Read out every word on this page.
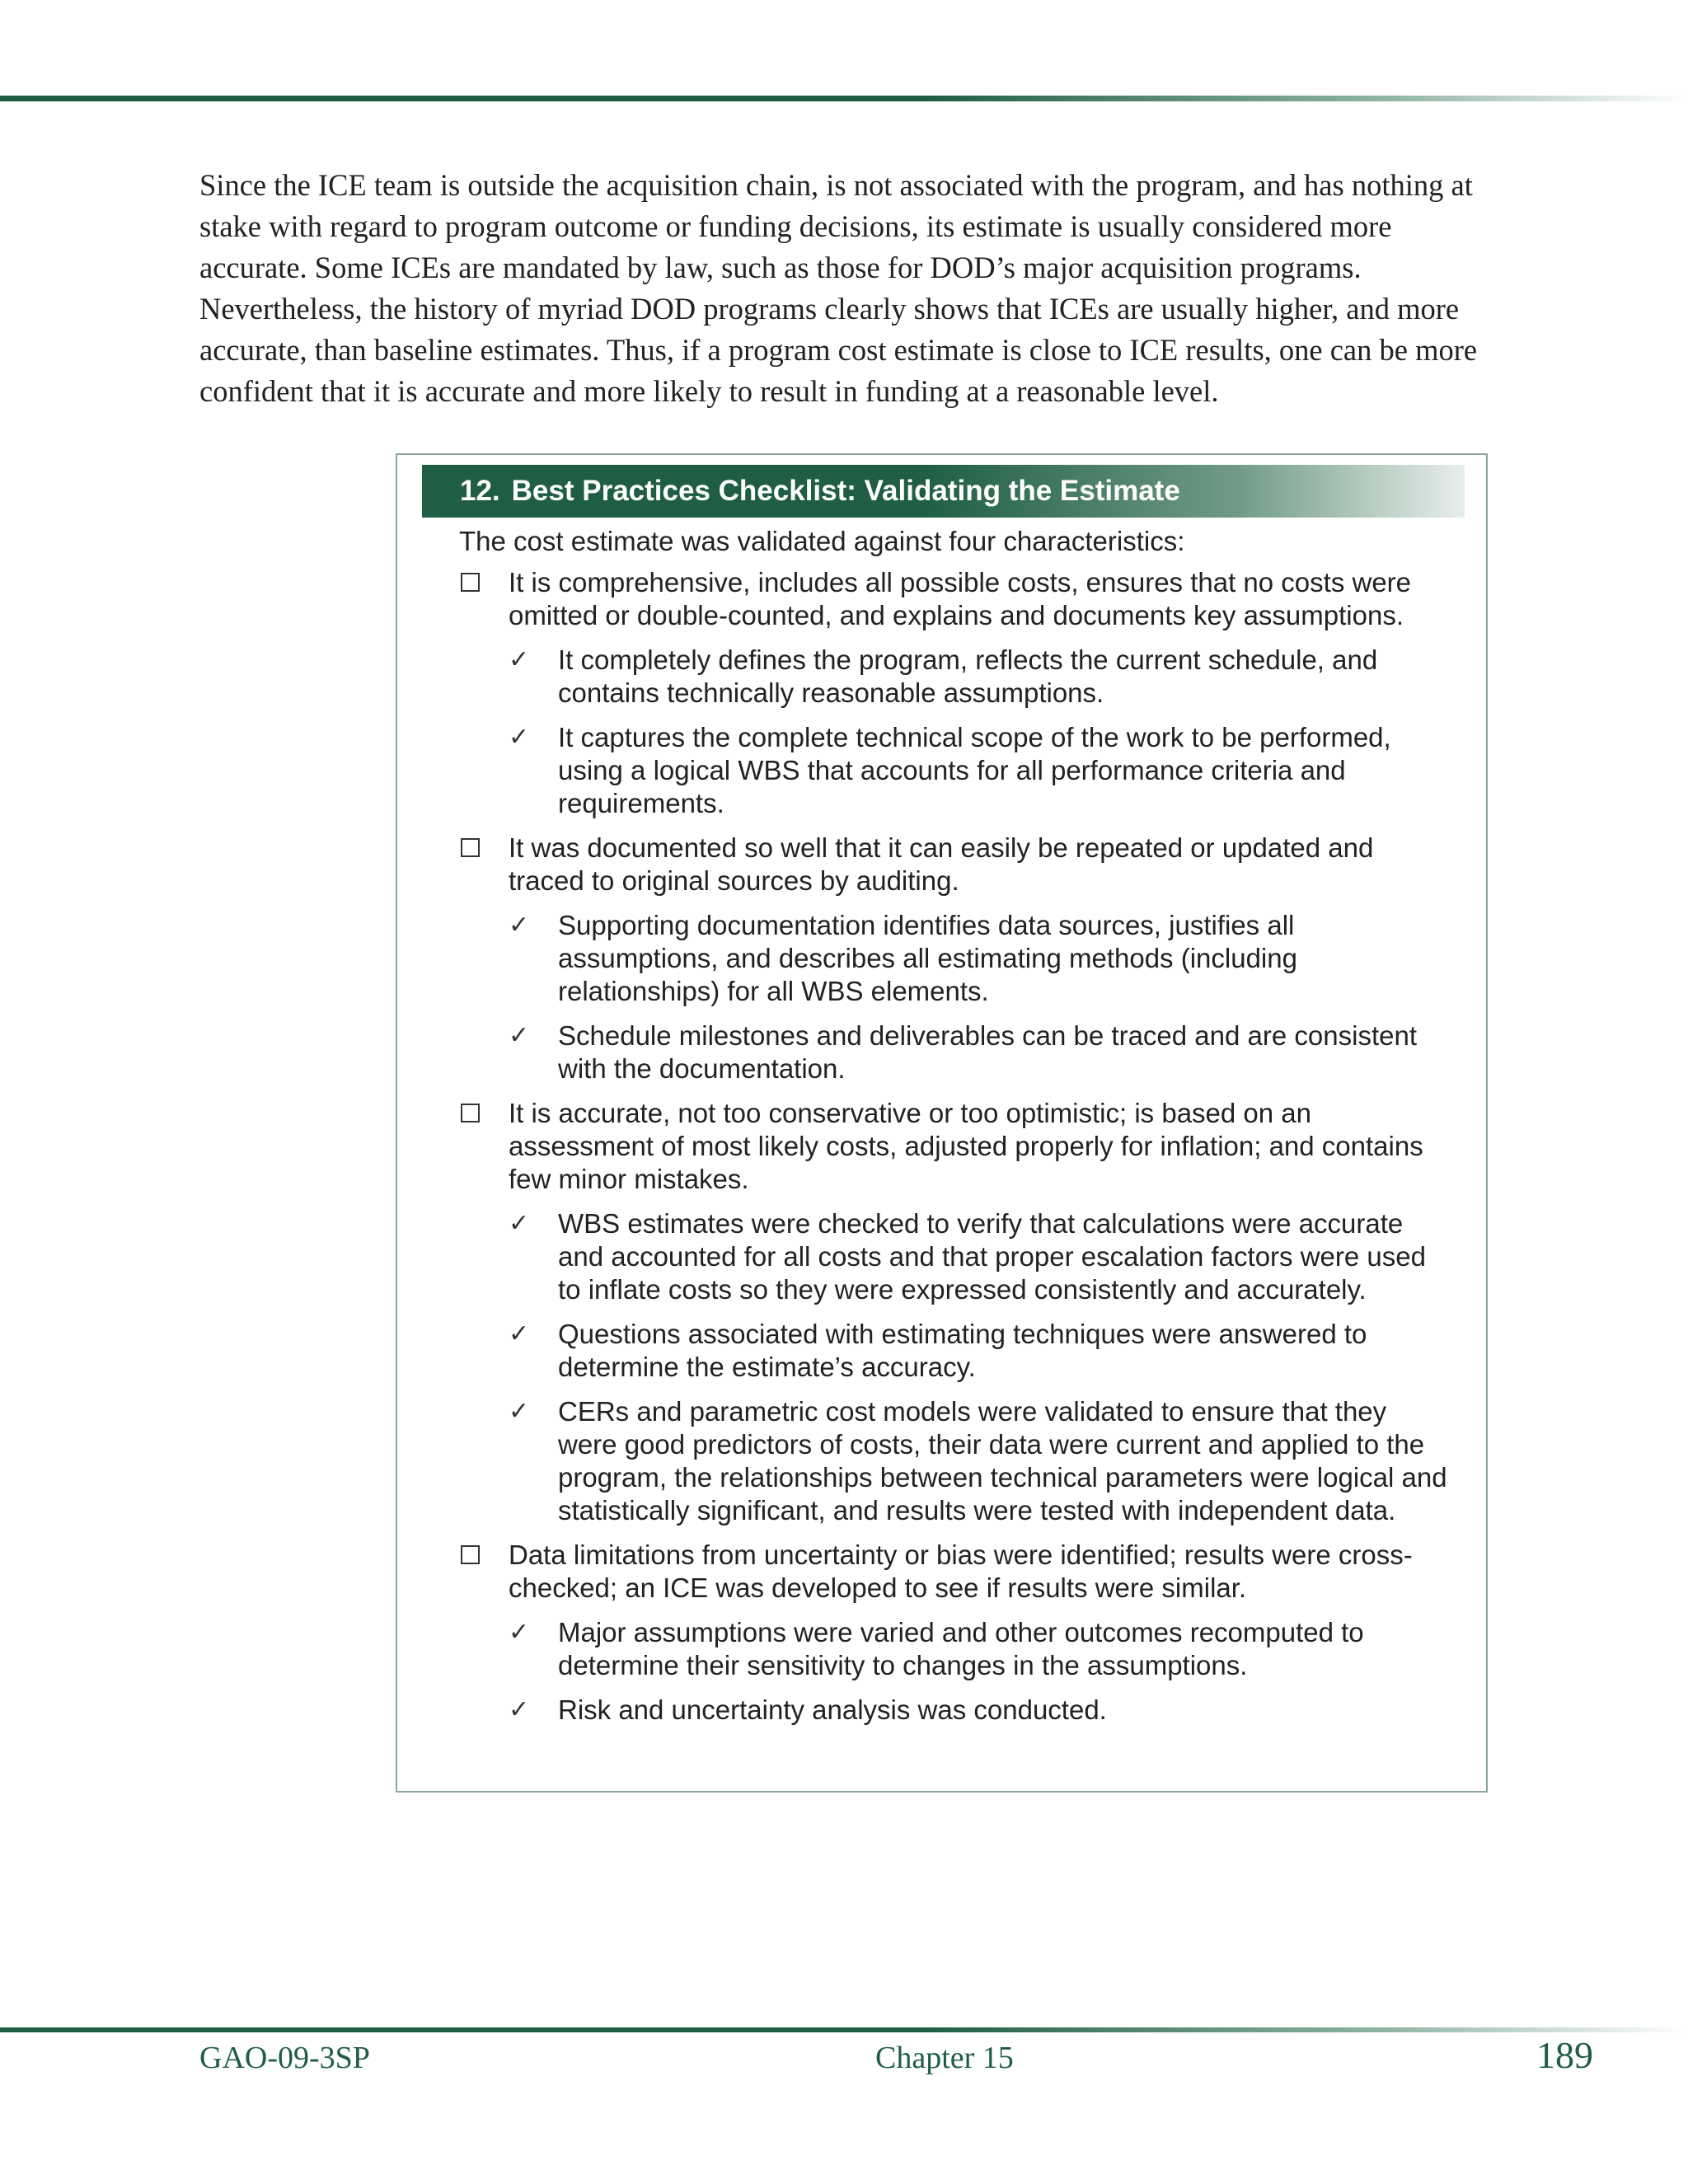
Since the ICE team is outside the acquisition chain, is not associated with the program, and has nothing at stake with regard to program outcome or funding decisions, its estimate is usually considered more accurate. Some ICEs are mandated by law, such as those for DOD’s major acquisition programs. Nevertheless, the history of myriad DOD programs clearly shows that ICEs are usually higher, and more accurate, than baseline estimates. Thus, if a program cost estimate is close to ICE results, one can be more confident that it is accurate and more likely to result in funding at a reasonable level.

12. Best Practices Checklist: Validating the Estimate

The cost estimate was validated against four characteristics:

It is comprehensive, includes all possible costs, ensures that no costs were omitted or double-counted, and explains and documents key assumptions.
✓ It completely defines the program, reflects the current schedule, and contains technically reasonable assumptions.
✓ It captures the complete technical scope of the work to be performed, using a logical WBS that accounts for all performance criteria and requirements.
It was documented so well that it can easily be repeated or updated and traced to original sources by auditing.
✓ Supporting documentation identifies data sources, justifies all assumptions, and describes all estimating methods (including relationships) for all WBS elements.
✓ Schedule milestones and deliverables can be traced and are consistent with the documentation.
It is accurate, not too conservative or too optimistic; is based on an assessment of most likely costs, adjusted properly for inflation; and contains few minor mistakes.
✓ WBS estimates were checked to verify that calculations were accurate and accounted for all costs and that proper escalation factors were used to inflate costs so they were expressed consistently and accurately.
✓ Questions associated with estimating techniques were answered to determine the estimate’s accuracy.
✓ CERs and parametric cost models were validated to ensure that they were good predictors of costs, their data were current and applied to the program, the relationships between technical parameters were logical and statistically significant, and results were tested with independent data.
Data limitations from uncertainty or bias were identified; results were cross-checked; an ICE was developed to see if results were similar.
✓ Major assumptions were varied and other outcomes recomputed to determine their sensitivity to changes in the assumptions.
✓ Risk and uncertainty analysis was conducted.
GAO-09-3SP	Chapter 15	189
